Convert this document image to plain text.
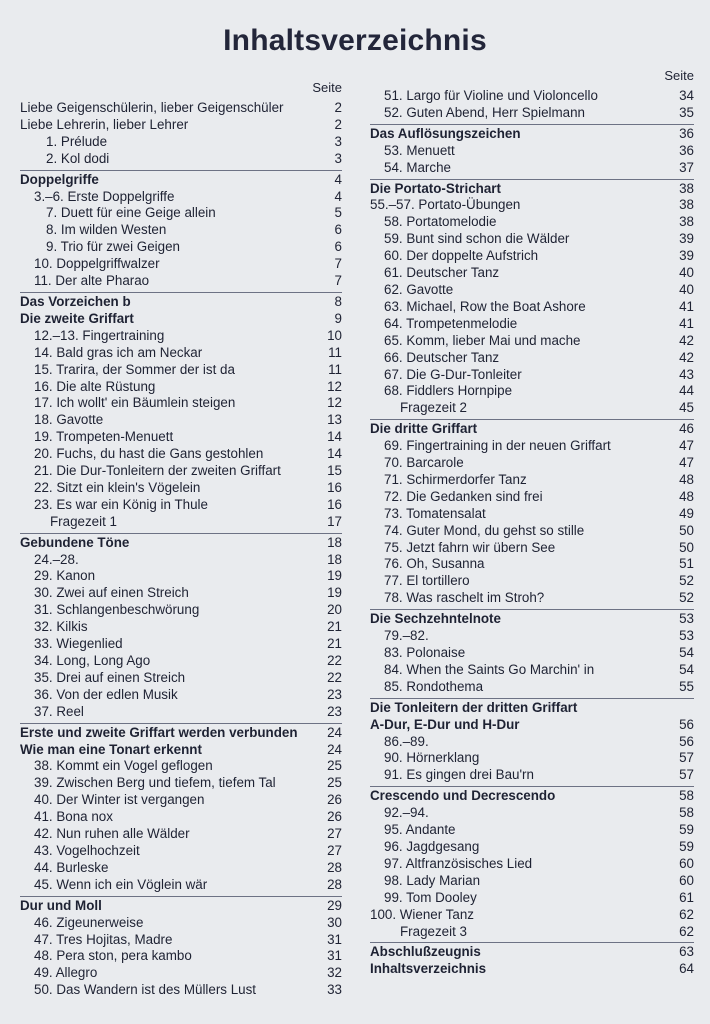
Inhaltsverzeichnis
Seite
Liebe Geigenschülerin, lieber Geigenschüler	2
Liebe Lehrerin, lieber Lehrer	2
1. Prélude	3
2. Kol dodi	3
Doppelgriffe	4
3.–6. Erste Doppelgriffe	4
7. Duett für eine Geige allein	5
8. Im wilden Westen	6
9. Trio für zwei Geigen	6
10. Doppelgriffwalzer	7
11. Der alte Pharao	7
Das Vorzeichen b	8
Die zweite Griffart	9
12.–13. Fingertraining	10
14. Bald gras ich am Neckar	11
15. Trarira, der Sommer der ist da	11
16. Die alte Rüstung	12
17. Ich wollt' ein Bäumlein steigen	12
18. Gavotte	13
19. Trompeten-Menuett	14
20. Fuchs, du hast die Gans gestohlen	14
21. Die Dur-Tonleitern der zweiten Griffart	15
22. Sitzt ein klein's Vögelein	16
23. Es war ein König in Thule	16
Fragezeit 1	17
Gebundene Töne	18
24.–28.	18
29. Kanon	19
30. Zwei auf einen Streich	19
31. Schlangenbeschwörung	20
32. Kilkis	21
33. Wiegenlied	21
34. Long, Long Ago	22
35. Drei auf einen Streich	22
36. Von der edlen Musik	23
37. Reel	23
Erste und zweite Griffart werden verbunden	24
Wie man eine Tonart erkennt	24
38. Kommt ein Vogel geflogen	25
39. Zwischen Berg und tiefem, tiefem Tal	25
40. Der Winter ist vergangen	26
41. Bona nox	26
42. Nun ruhen alle Wälder	27
43. Vogelhochzeit	27
44. Burleske	28
45. Wenn ich ein Vöglein wär	28
Dur und Moll	29
46. Zigeunerweise	30
47. Tres Hojitas, Madre	31
48. Pera ston, pera kambo	31
49. Allegro	32
50. Das Wandern ist des Müllers Lust	33
Seite
51. Largo für Violine und Violoncello	34
52. Guten Abend, Herr Spielmann	35
Das Auflösungszeichen	36
53. Menuett	36
54. Marche	37
Die Portato-Strichart	38
55.–57. Portato-Übungen	38
58. Portatomelodie	38
59. Bunt sind schon die Wälder	39
60. Der doppelte Aufstrich	39
61. Deutscher Tanz	40
62. Gavotte	40
63. Michael, Row the Boat Ashore	41
64. Trompetenmelodie	41
65. Komm, lieber Mai und mache	42
66. Deutscher Tanz	42
67. Die G-Dur-Tonleiter	43
68. Fiddlers Hornpipe	44
Fragezeit 2	45
Die dritte Griffart	46
69. Fingertraining in der neuen Griffart	47
70. Barcarole	47
71. Schirmerdorfer Tanz	48
72. Die Gedanken sind frei	48
73. Tomatensalat	49
74. Guter Mond, du gehst so stille	50
75. Jetzt fahrn wir übern See	50
76. Oh, Susanna	51
77. El tortillero	52
78. Was raschelt im Stroh?	52
Die Sechzehntelnote	53
79.–82.	53
83. Polonaise	54
84. When the Saints Go Marchin' in	54
85. Rondothema	55
Die Tonleitern der dritten Griffart
A-Dur, E-Dur und H-Dur	56
86.–89.	56
90. Hörnerklang	57
91. Es gingen drei Bau'rn	57
Crescendo und Decrescendo	58
92.–94.	58
95. Andante	59
96. Jagdgesang	59
97. Altfranzösisches Lied	60
98. Lady Marian	60
99. Tom Dooley	61
100. Wiener Tanz	62
Fragezeit 3	62
Abschlußzeugnis	63
Inhaltsverzeichnis	64
